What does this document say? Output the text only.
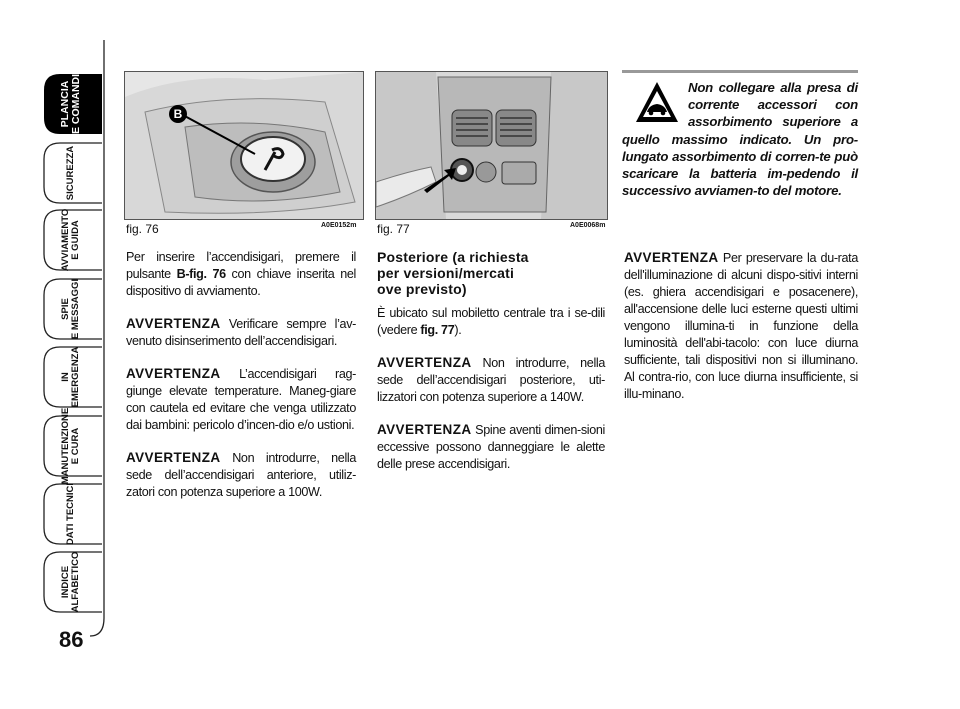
PLANCIA
E COMANDI
SICUREZZA
AVVIAMENTO
E GUIDA
SPIE
E MESSAGGI
IN EMERGENZA
MANUTENZIONE
E CURA
DATI TECNICI
INDICE
ALFABETICO
86
B
fig. 76	A0E0152m fig. 77	A0E0068m

Per inserire l’accendisigari, premere il pulsante B-fig. 76 con chiave inserita nel dispositivo di avviamento.

AVVERTENZA Verificare sempre l’av-venuto disinserimento dell’accendisigari.

AVVERTENZA L’accendisigari rag-giunge elevate temperature. Maneg-giare con cautela ed evitare che venga utilizzato dai bambini: pericolo d’incen-dio e/o ustioni.

AVVERTENZA Non introdurre, nella sede dell’accendisigari anteriore, utiliz-zatori con potenza superiore a 100W.

Posteriore (a richiesta
per versioni/mercati
ove previsto)

È ubicato sul mobiletto centrale tra i se-dili (vedere fig. 77).

AVVERTENZA Non introdurre, nella sede dell’accendisigari posteriore, uti-lizzatori con potenza superiore a 140W.

AVVERTENZA Spine aventi dimen-sioni eccessive possono danneggiare le alette delle prese accendisigari.

Non collegare alla presa di corrente accessori con assorbimento superiore a quello massimo indicato. Un pro-lungato assorbimento di corren-te può scaricare la batteria im-pedendo il successivo avviamen-to del motore.

AVVERTENZA Per preservare la du-rata dell'illuminazione di alcuni dispo-sitivi interni (es. ghiera accendisigari e posacenere), all'accensione delle luci esterne questi ultimi vengono illumina-ti in funzione della luminosità dell'abi-tacolo: con luce diurna sufficiente, tali dispositivi non si illuminano. Al contra-rio, con luce diurna insufficiente, si illu-minano.
